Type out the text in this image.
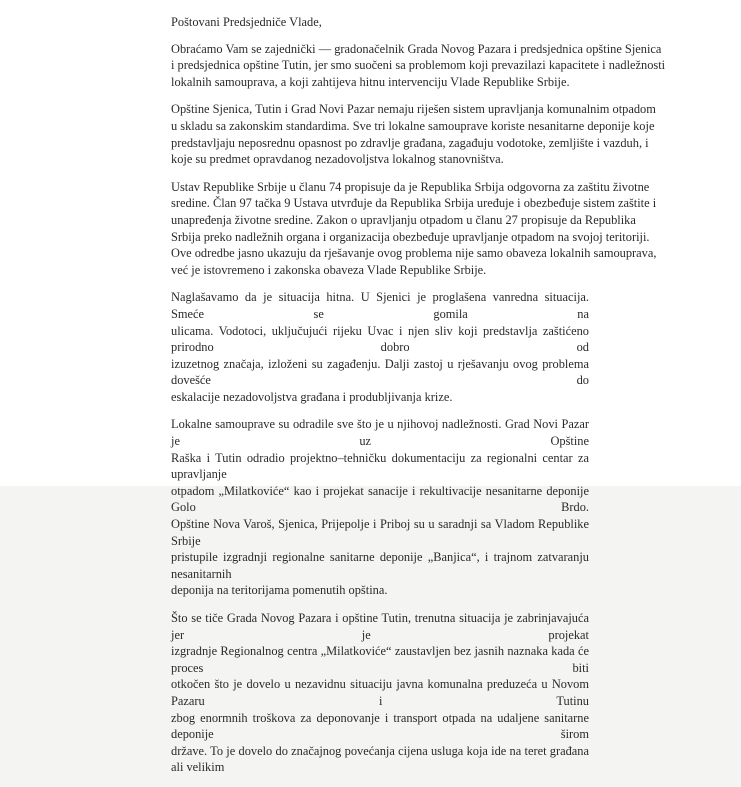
Poštovani Predsjedniče Vlade,

Obraćamo Vam se zajednički — gradonačelnik Grada Novog Pazara i predsjednica opštine Sjenica
i predsjednica opštine Tutin, jer smo suočeni sa problemom koji prevazilazi kapacitete i nadležnosti
lokalnih samouprava, a koji zahtijeva hitnu intervenciju Vlade Republike Srbije.

Opštine Sjenica, Tutin i Grad Novi Pazar nemaju riješen sistem upravljanja komunalnim otpadom
u skladu sa zakonskim standardima. Sve tri lokalne samouprave koriste nesanitarne deponije koje
predstavljaju neposrednu opasnost po zdravlje građana, zagađuju vodotoke, zemljište i vazduh, i
koje su predmet opravdanog nezadovoljstva lokalnog stanovništva.

Ustav Republike Srbije u članu 74 propisuje da je Republika Srbija odgovorna za zaštitu životne
sredine. Član 97 tačka 9 Ustava utvrđuje da Republika Srbija uređuje i obezbeđuje sistem zaštite i
unapređenja životne sredine. Zakon o upravljanju otpadom u članu 27 propisuje da Republika
Srbija preko nadležnih organa i organizacija obezbeđuje upravljanje otpadom na svojoj teritoriji.
Ove odredbe jasno ukazuju da rješavanje ovog problema nije samo obaveza lokalnih samouprava,
već je istovremeno i zakonska obaveza Vlade Republike Srbije.

Naglašavamo da je situacija hitna. U Sjenici je proglašena vanredna situacija. Smeće se gomila na
ulicama. Vodotoci, uključujući rijeku Uvac i njen sliv koji predstavlja zaštićeno prirodno dobro od
izuzetnog značaja, izloženi su zagađenju. Dalji zastoj u rješavanju ovog problema dovešće do
eskalacije nezadovoljstva građana i produbljivanja krize.

Lokalne samouprave su odradile sve što je u njihovoj nadležnosti. Grad Novi Pazar je uz Opštine
Raška i Tutin odradio projektno–tehničku dokumentaciju za regionalni centar za upravljanje
otpadom „Milatkoviće“ kao i projekat sanacije i rekultivacije nesanitarne deponije Golo Brdo.
Opštine Nova Varoš, Sjenica, Prijepolje i Priboj su u saradnji sa Vladom Republike Srbije
pristupile izgradnji regionalne sanitarne deponije „Banjica“, i trajnom zatvaranju nesanitarnih
deponija na teritorijama pomenutih opština.

Što se tiče Grada Novog Pazara i opštine Tutin, trenutna situacija je zabrinjavajuća jer je projekat
izgradnje Regionalnog centra „Milatkoviće“ zaustavljen bez jasnih naznaka kada će proces biti
otkočen što je dovelo u nezavidnu situaciju javna komunalna preduzeća u Novom Pazaru i Tutinu
zbog enormnih troškova za deponovanje i transport otpada na udaljene sanitarne deponije širom
države. To je dovelo do značajnog povećanja cijena usluga koja ide na teret građana ali velikim
